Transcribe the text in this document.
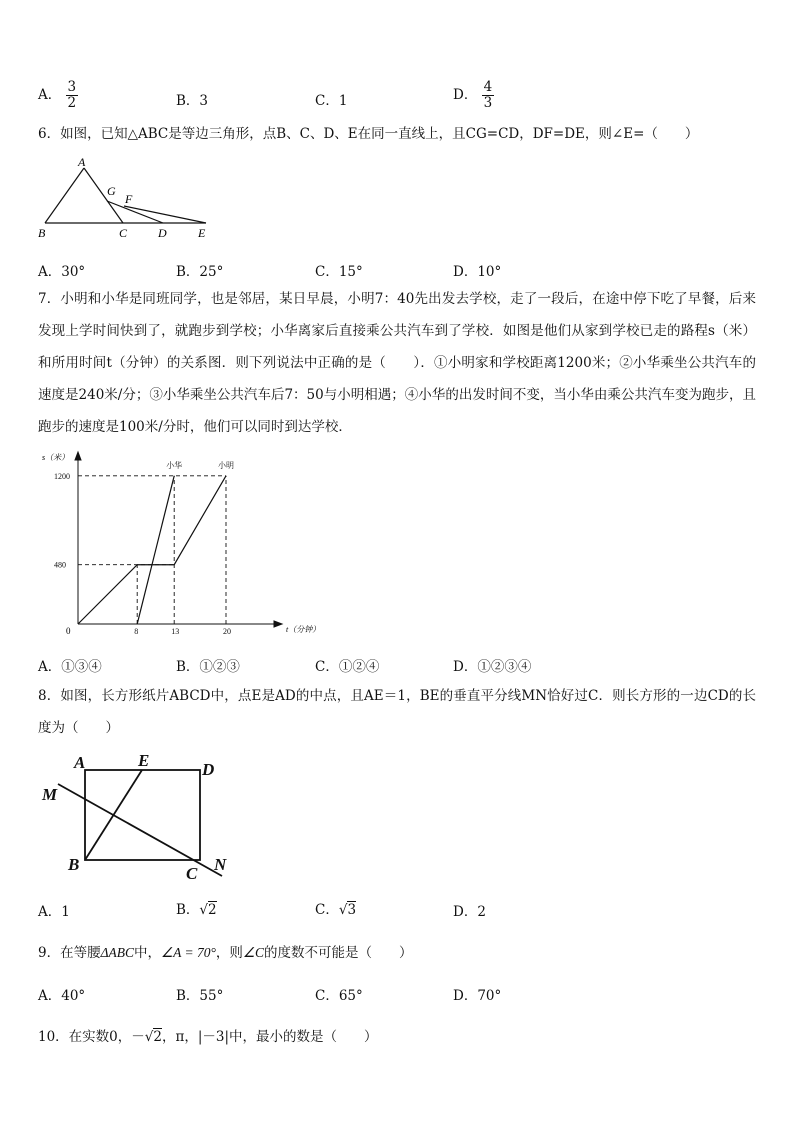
A． $\frac{3}{2}$	B．3	C．1	D． $\frac{4}{3}$
6．如图，已知△ABC是等边三角形，点B、C、D、E在同一直线上，且CG=CD，DF=DE，则∠E=（　　）
A
G
F
B	C	D	E
A．30°	B．25°	C．15°	D．10°
7．小明和小华是同班同学，也是邻居，某日早晨，小明7：40先出发去学校，走了一段后，在途中停下吃了早餐，后来发现上学时间快到了，就跑步到学校；小华离家后直接乘公共汽车到了学校．如图是他们从家到学校已走的路程s（米）和所用时间t（分钟）的关系图．则下列说法中正确的是（　　）．①小明家和学校距离1200米；②小华乘坐公共汽车的速度是240米/分；③小华乘坐公共汽车后7：50与小明相遇；④小华的出发时间不变，当小华由乘公共汽车变为跑步，且跑步的速度是100米/分时，他们可以同时到达学校．
小明
小华
480
1200
8	13	20
s（米）
t（分钟）
0
A．①③④	B．①②③	C．①②④	D．①②③④
8．如图，长方形纸片ABCD中，点E是AD的中点，且AE＝1，BE的垂直平分线MN恰好过C．则长方形的一边CD的长度为（　　）
A	E	D
M
B	C N
A．1	B．√2	C．√3	D．2
9．在等腰ΔABC中，∠A = 70°，则∠C的度数不可能是（　　）
A．40°	B．55°	C．65°	D．70°
10．在实数0，－√2，π，|－3|中，最小的数是（　　）
